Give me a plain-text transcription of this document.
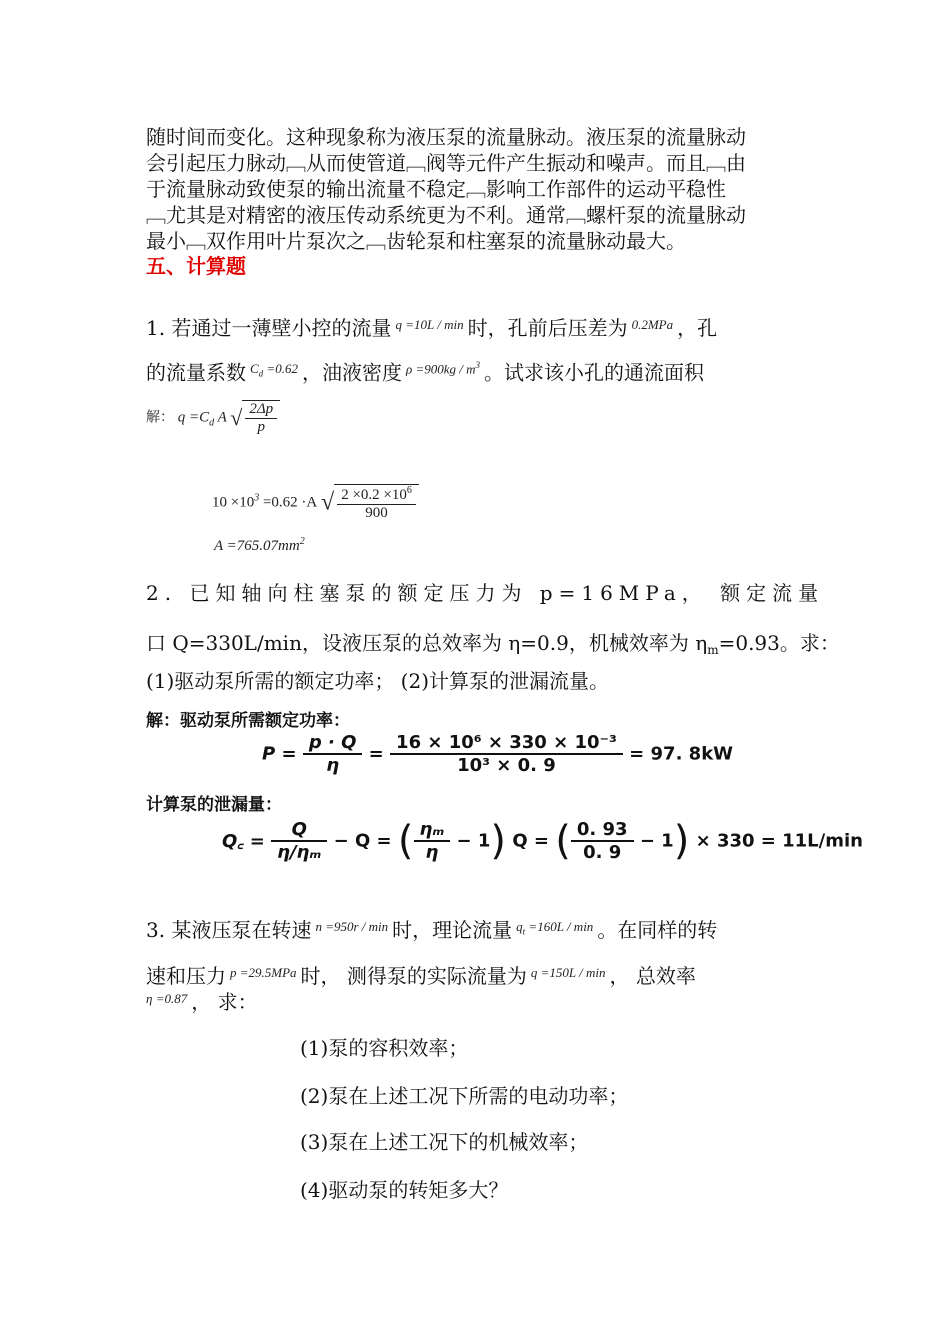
随时间而变化。这种现象称为液压泵的流量脉动。液压泵的流量脉动
会引起压力脉动﹇从而使管道﹇阀等元件产生振动和噪声。而且﹇由
于流量脉动致使泵的输出流量不稳定﹇影响工作部件的运动平稳性
﹇尤其是对精密的液压传动系统更为不利。通常﹇螺杆泵的流量脉动
最小﹇双作用叶片泵次之﹇齿轮泵和柱塞泵的流量脉动最大。
五、计算题
1. 若通过一薄壁小控的流量 q =10L / min 时，孔前后压差为 0.2MPa ，孔
的流量系数 $C_d =0.62$ ，油液密度 $\rho =900kg / m^3$ 。试求该小孔的通流面积
解： $q =C_d$ A √ $\frac{2\Delta p}{p}$
$10 \times 10^3 =0.62 \cdot A$ √ $\frac{2 \times 0.2 \times 10^6}{900}$
$A =765.07mm^2$
2. 已知轴向柱塞泵的额定压力为 p=16MPa， 额定流量
口 Q=330L/min，设液压泵的总效率为 η=0.9，机械效率为 $\eta_m=0.93$。求：
(1)驱动泵所需的额定功率； (2)计算泵的泄漏流量。
解：驱动泵所需额定功率：
$P = \frac{p \cdot Q}{\eta} = \frac{\text{16 × 10⁶ × 330 × 10⁻³}}{\text{10³ × 0. 9}} = 97$. 8kW
计算泵的泄漏量：
Q꜀ = $\frac{Q}{\text{η/ηₘ}} - Q$ = ( $\frac{\text{ηₘ}}{\eta} - 1$) Q = ( $\frac{0. 93}{0. 9} - 1) \times 330 = 11L/\min$
3. 某液压泵在转速 n =950r / min 时，理论流量 $q_t =160L / \min$ 。在同样的转
速和压力 p =29.5MPa 时， 测得泵的实际流量为 q =150L / min ， 总效率
η =0.87 ， 求：
(1)泵的容积效率；
(2)泵在上述工况下所需的电动功率；
(3)泵在上述工况下的机械效率；
(4)驱动泵的转矩多大？
